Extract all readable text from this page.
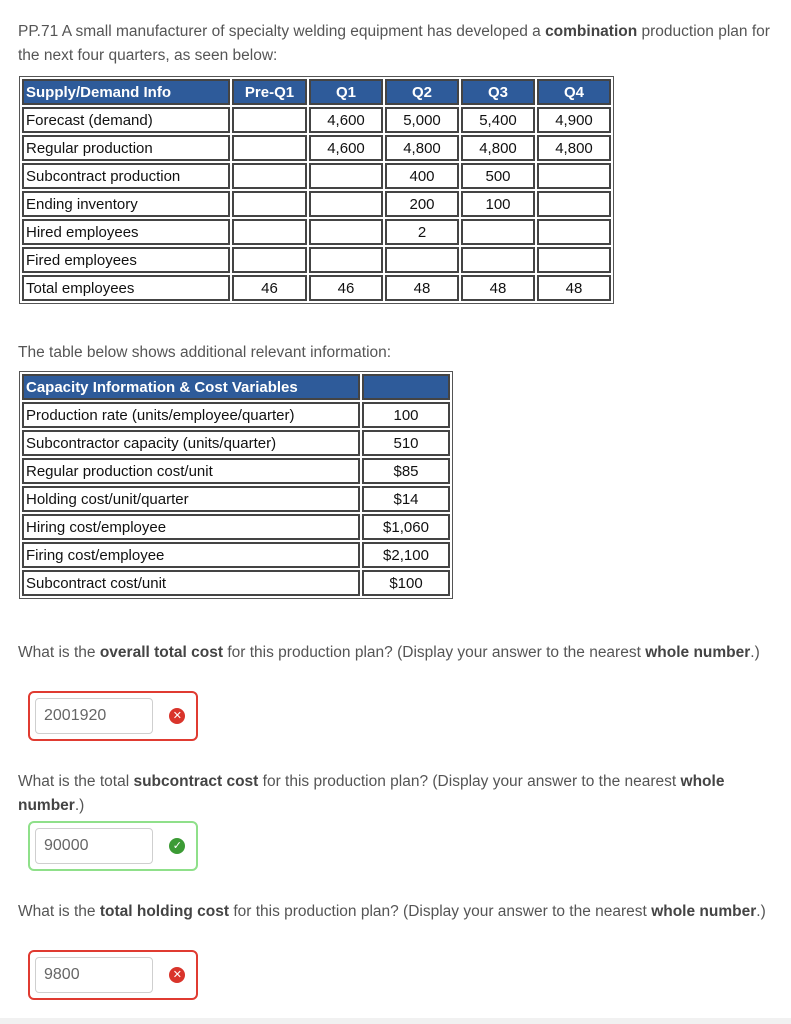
PP.71 A small manufacturer of specialty welding equipment has developed a combination production plan for the next four quarters, as seen below:
Supply/Demand Info	Pre-Q1	Q1	Q2	Q3	Q4
Forecast (demand)		4,600	5,000	5,400	4,900
Regular production		4,600	4,800	4,800	4,800
Subcontract production			400	500	
Ending inventory			200	100	
Hired employees			2		
Fired employees					
Total employees	46	46	48	48	48
The table below shows additional relevant information:
Capacity Information & Cost Variables	
Production rate (units/employee/quarter)	100
Subcontractor capacity (units/quarter)	510
Regular production cost/unit	$85
Holding cost/unit/quarter	$14
Hiring cost/employee	$1,060
Firing cost/employee	$2,100
Subcontract cost/unit	$100
What is the overall total cost for this production plan? (Display your answer to the nearest whole number.)
2001920	✕
What is the total subcontract cost for this production plan? (Display your answer to the nearest whole number.)
90000	✓
What is the total holding cost for this production plan? (Display your answer to the nearest whole number.)
9800	✕
